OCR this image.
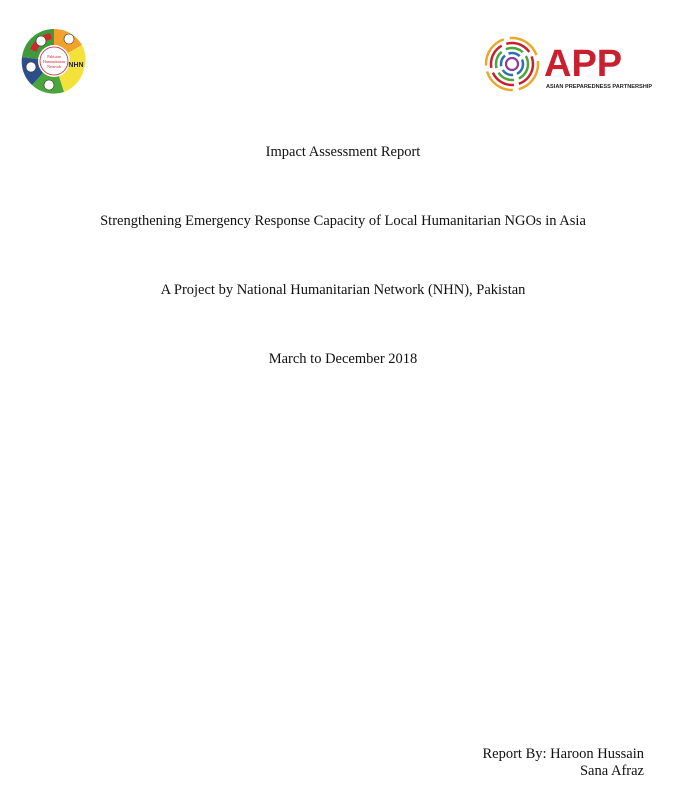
Pakistan
Humanitarian
Network NHN	APP
ASIAN PREPAREDNESS PARTNERSHIP
Impact Assessment Report
Strengthening Emergency Response Capacity of Local Humanitarian NGOs in Asia
A Project by National Humanitarian Network (NHN), Pakistan
March to December 2018
Report By: Haroon Hussain
Sana Afraz
